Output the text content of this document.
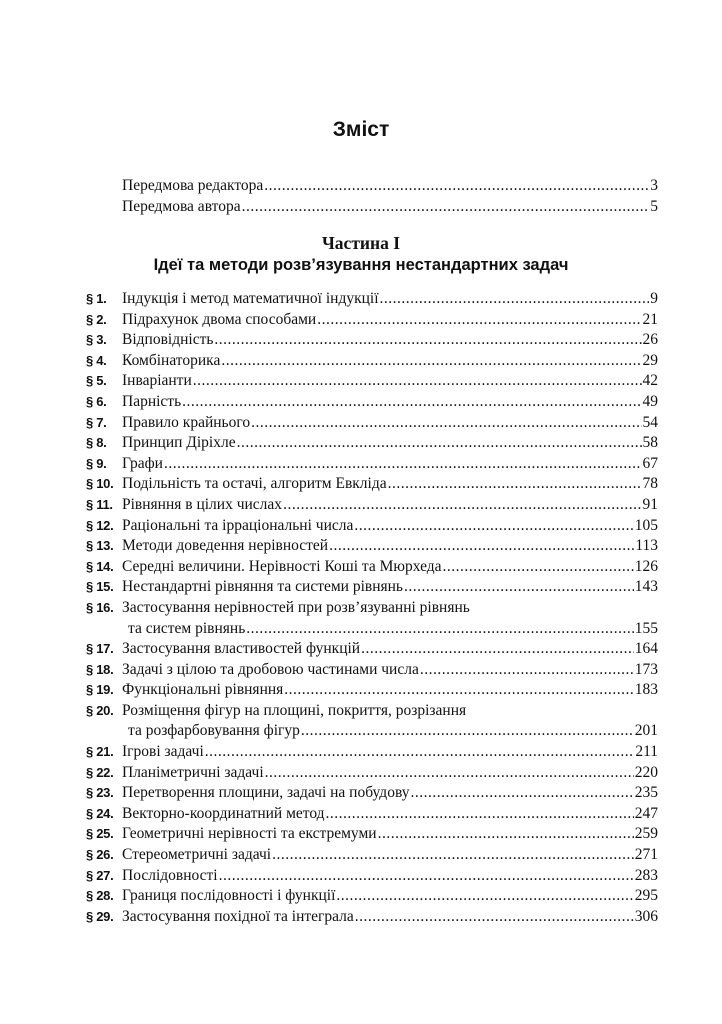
Зміст
Передмова редактора .....	3
Передмова автора .....	5
Частина I
Ідеї та методи розв’язування нестандартних задач
§ 1. Індукція і метод математичної індукції .....	9
§ 2. Підрахунок двома способами .....	21
§ 3. Відповідність .....	26
§ 4. Комбінаторика .....	29
§ 5. Інваріанти .....	42
§ 6. Парність .....	49
§ 7. Правило крайнього .....	54
§ 8. Принцип Діріхле .....	58
§ 9. Графи .....	67
§ 10. Подільність та остачі, алгоритм Евкліда .....	78
§ 11. Рівняння в цілих числах .....	91
§ 12. Раціональні та ірраціональні числа .....	105
§ 13. Методи доведення нерівностей .....	113
§ 14. Середні величини. Нерівності Коші та Мюрхеда .....	126
§ 15. Нестандартні рівняння та системи рівнянь .....	143
§ 16. Застосування нерівностей при розв’язуванні рівнянь
та систем рівнянь .....	155
§ 17. Застосування властивостей функцій .....	164
§ 18. Задачі з цілою та дробовою частинами числа .....	173
§ 19. Функціональні рівняння .....	183
§ 20. Розміщення фігур на площині, покриття, розрізання
та розфарбовування фігур .....	201
§ 21. Ігрові задачі .....	211
§ 22. Планіметричні задачі .....	220
§ 23. Перетворення площини, задачі на побудову .....	235
§ 24. Векторно-координатний метод .....	247
§ 25. Геометричні нерівності та екстремуми .....	259
§ 26. Стереометричні задачі .....	271
§ 27. Послідовності .....	283
§ 28. Границя послідовності і функції .....	295
§ 29. Застосування похідної та інтеграла .....	306
